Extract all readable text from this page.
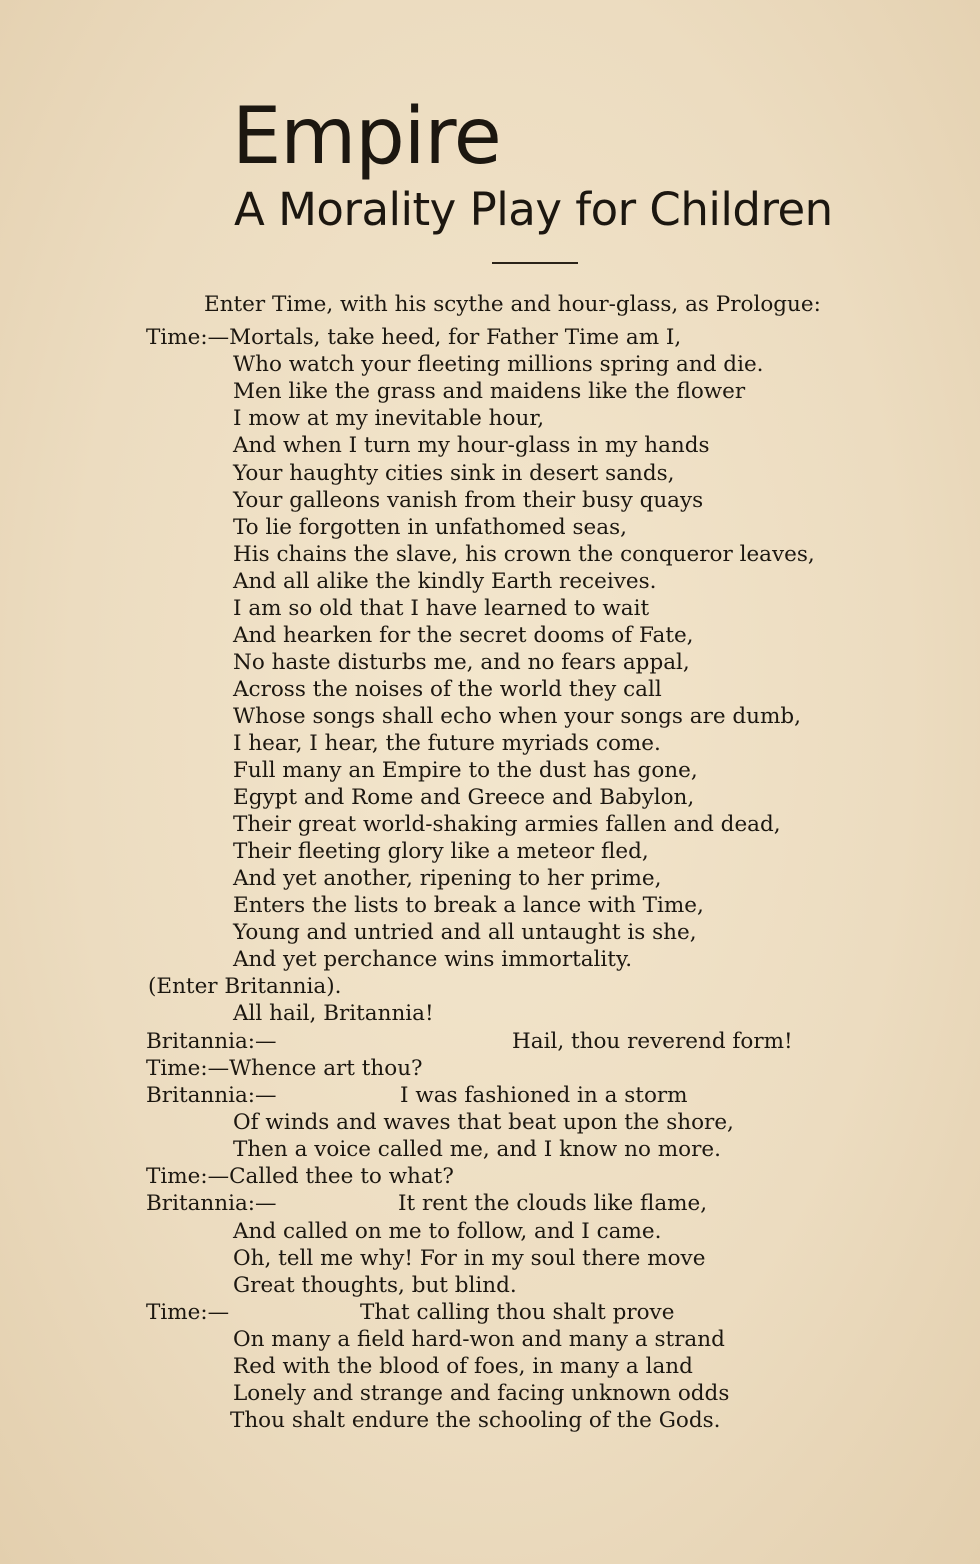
Empire
A Morality Play for Children
Enter Time, with his scythe and hour-glass, as Prologue:
Time:—Mortals, take heed, for Father Time am I,
Who watch your fleeting millions spring and die.
Men like the grass and maidens like the flower
I mow at my inevitable hour,
And when I turn my hour-glass in my hands
Your haughty cities sink in desert sands,
Your galleons vanish from their busy quays
To lie forgotten in unfathomed seas,
His chains the slave, his crown the conqueror leaves,
And all alike the kindly Earth receives.
I am so old that I have learned to wait
And hearken for the secret dooms of Fate,
No haste disturbs me, and no fears appal,
Across the noises of the world they call
Whose songs shall echo when your songs are dumb,
I hear, I hear, the future myriads come.
Full many an Empire to the dust has gone,
Egypt and Rome and Greece and Babylon,
Their great world-shaking armies fallen and dead,
Their fleeting glory like a meteor fled,
And yet another, ripening to her prime,
Enters the lists to break a lance with Time,
Young and untried and all untaught is she,
And yet perchance wins immortality.
(Enter Britannia).
All hail, Britannia!
Britannia:—	Hail, thou reverend form!
Time:—Whence art thou?
Britannia:—	I was fashioned in a storm
Of winds and waves that beat upon the shore,
Then a voice called me, and I know no more.
Time:—Called thee to what?
Britannia:—	It rent the clouds like flame,
And called on me to follow, and I came.
Oh, tell me why! For in my soul there move
Great thoughts, but blind.
Time:—	That calling thou shalt prove
On many a field hard-won and many a strand
Red with the blood of foes, in many a land
Lonely and strange and facing unknown odds
Thou shalt endure the schooling of the Gods.
